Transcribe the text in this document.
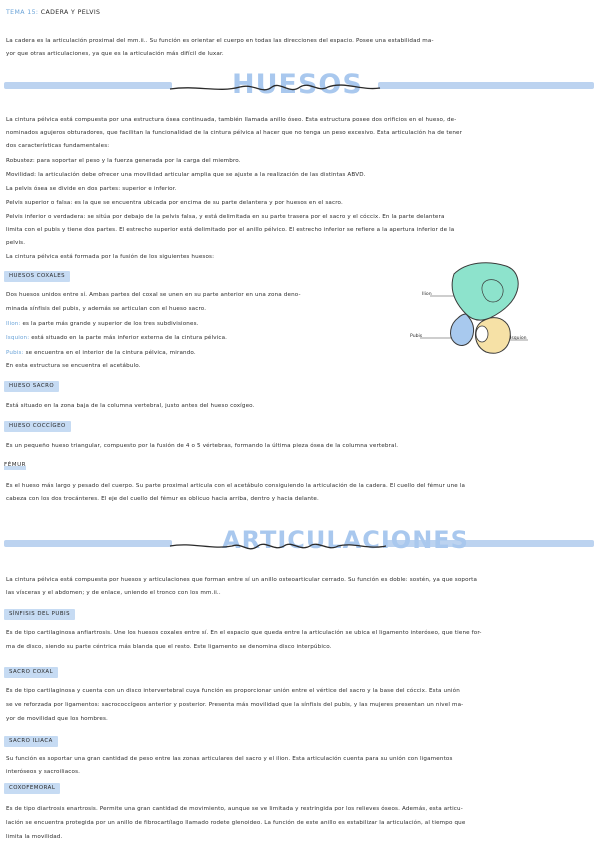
TEMA 15: CADERA Y PELVIS
La cadera es la articulación proximal del mm.ii.. Su función es orientar el cuerpo en todas las direcciones del espacio. Posee una estabilidad ma-
yor que otras articulaciones, ya que es la articulación más difícil de luxar.
HUESOS
La cintura pélvica está compuesta por una estructura ósea continuada, también llamada anillo óseo. Esta estructura posee dos orificios en el hueso, de-
nominados agujeros obturadores, que facilitan la funcionalidad de la cintura pélvica al hacer que no tenga un peso excesivo. Esta articulación ha de tener
dos características fundamentales:
Robustez: para soportar el peso y la fuerza generada por la carga del miembro.
Movilidad: la articulación debe ofrecer una movilidad articular amplia que se ajuste a la realización de las distintas ABVD.
La pelvis ósea se divide en dos partes: superior e inferior.
Pelvis superior o falsa: es la que se encuentra ubicada por encima de su parte delantera y por huesos en el sacro.
Pelvis inferior o verdadera: se sitúa por debajo de la pelvis falsa, y está delimitada en su parte trasera por el sacro y el cóccix. En la parte delantera
limita con el pubis y tiene dos partes. El estrecho superior está delimitado por el anillo pélvico. El estrecho inferior se refiere a la apertura inferior de la
pelvis.
La cintura pélvica está formada por la fusión de los siguientes huesos:
HUESOS COXALES
Dos huesos unidos entre sí. Ambas partes del coxal se unen en su parte anterior en una zona deno-
minada sínfisis del pubis, y además se articulan con el hueso sacro.
Ilion: es la parte más grande y superior de los tres subdivisiones.
Isquion: está situado en la parte más inferior externa de la cintura pélvica.
Pubis: se encuentra en el interior de la cintura pélvica, mirando.
En esta estructura se encuentra el acetábulo.
Ilion
Pubis	Isquion
HUESO SACRO
Está situado en la zona baja de la columna vertebral, justo antes del hueso coxígeo.
HUESO COCCÍGEO
Es un pequeño hueso triangular, compuesto por la fusión de 4 o 5 vértebras, formando la última pieza ósea de la columna vertebral.
FÉMUR
Es el hueso más largo y pesado del cuerpo. Su parte proximal articula con el acetábulo consiguiendo la articulación de la cadera. El cuello del fémur une la
cabeza con los dos trocánteres. El eje del cuello del fémur es oblicuo hacia arriba, dentro y hacia delante.
ARTICULACIONES
La cintura pélvica está compuesta por huesos y articulaciones que forman entre sí un anillo osteoarticular cerrado. Su función es doble: sostén, ya que soporta
las vísceras y el abdomen; y de enlace, uniendo el tronco con los mm.ii..
SÍNFISIS DEL PUBIS
Es de tipo cartilaginosa anfiartrosis. Une los huesos coxales entre sí. En el espacio que queda entre la articulación se ubica el ligamento interóseo, que tiene for-
ma de disco, siendo su parte céntrica más blanda que el resto. Este ligamento se denomina disco interpúbico.
SACRO COXAL
Es de tipo cartilaginosa y cuenta con un disco intervertebral cuya función es proporcionar unión entre el vértice del sacro y la base del cóccix. Esta unión
se ve reforzada por ligamentos: sacrococcígeos anterior y posterior. Presenta más movilidad que la sínfisis del pubis, y las mujeres presentan un nivel ma-
yor de movilidad que los hombres.
SACRO ILIACA
Su función es soportar una gran cantidad de peso entre las zonas articulares del sacro y el ilion. Esta articulación cuenta para su unión con ligamentos
interóseos y sacroiliacos.
COXOFEMORAL
Es de tipo diartrosis enartrosis. Permite una gran cantidad de movimiento, aunque se ve limitada y restringida por los relieves óseos. Además, esta articu-
lación se encuentra protegida por un anillo de fibrocartílago llamado rodete glenoideo. La función de este anillo es estabilizar la articulación, al tiempo que
limita la movilidad.
